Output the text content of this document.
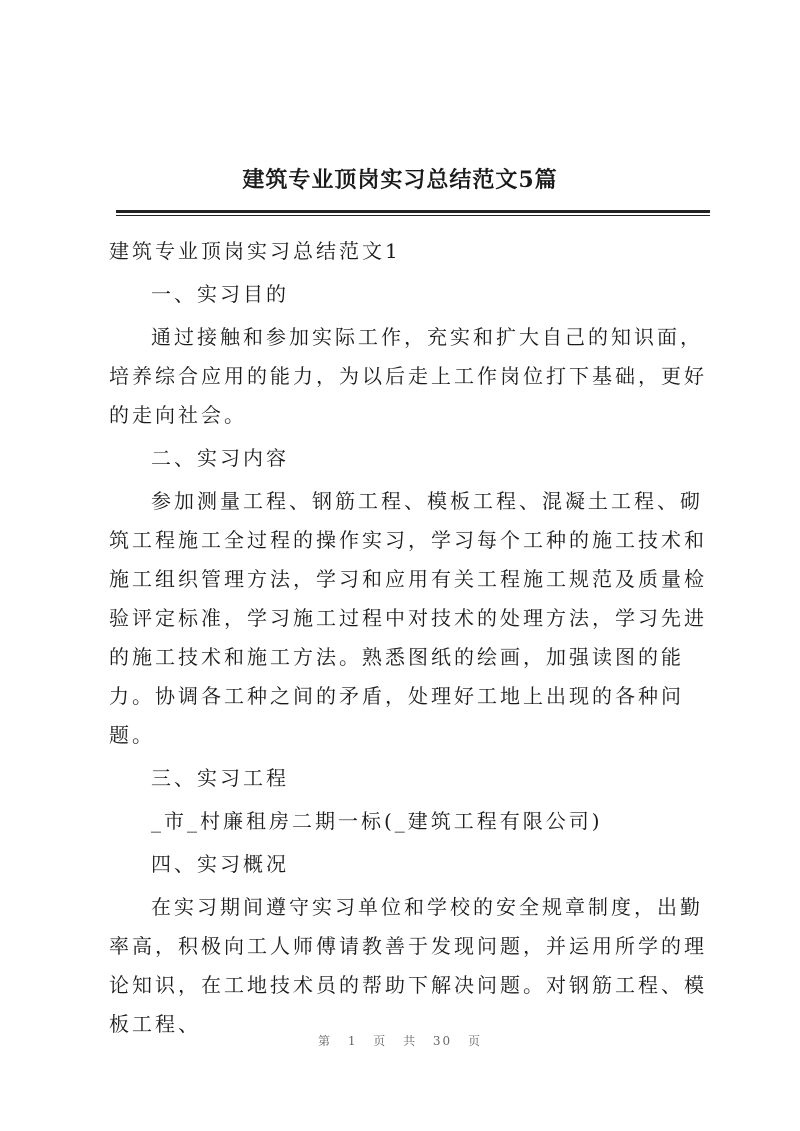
建筑专业顶岗实习总结范文5篇

建筑专业顶岗实习总结范文1

一、实习目的

通过接触和参加实际工作，充实和扩大自己的知识面，培养综合应用的能力，为以后走上工作岗位打下基础，更好的走向社会。

二、实习内容

参加测量工程、钢筋工程、模板工程、混凝土工程、砌筑工程施工全过程的操作实习，学习每个工种的施工技术和施工组织管理方法，学习和应用有关工程施工规范及质量检验评定标准，学习施工过程中对技术的处理方法，学习先进的施工技术和施工方法。熟悉图纸的绘画，加强读图的能力。协调各工种之间的矛盾，处理好工地上出现的各种问题。

三、实习工程

_市_村廉租房二期一标(_建筑工程有限公司)

四、实习概况

在实习期间遵守实习单位和学校的安全规章制度，出勤率高，积极向工人师傅请教善于发现问题，并运用所学的理论知识，在工地技术员的帮助下解决问题。对钢筋工程、模板工程、

第 1 页 共 30 页
